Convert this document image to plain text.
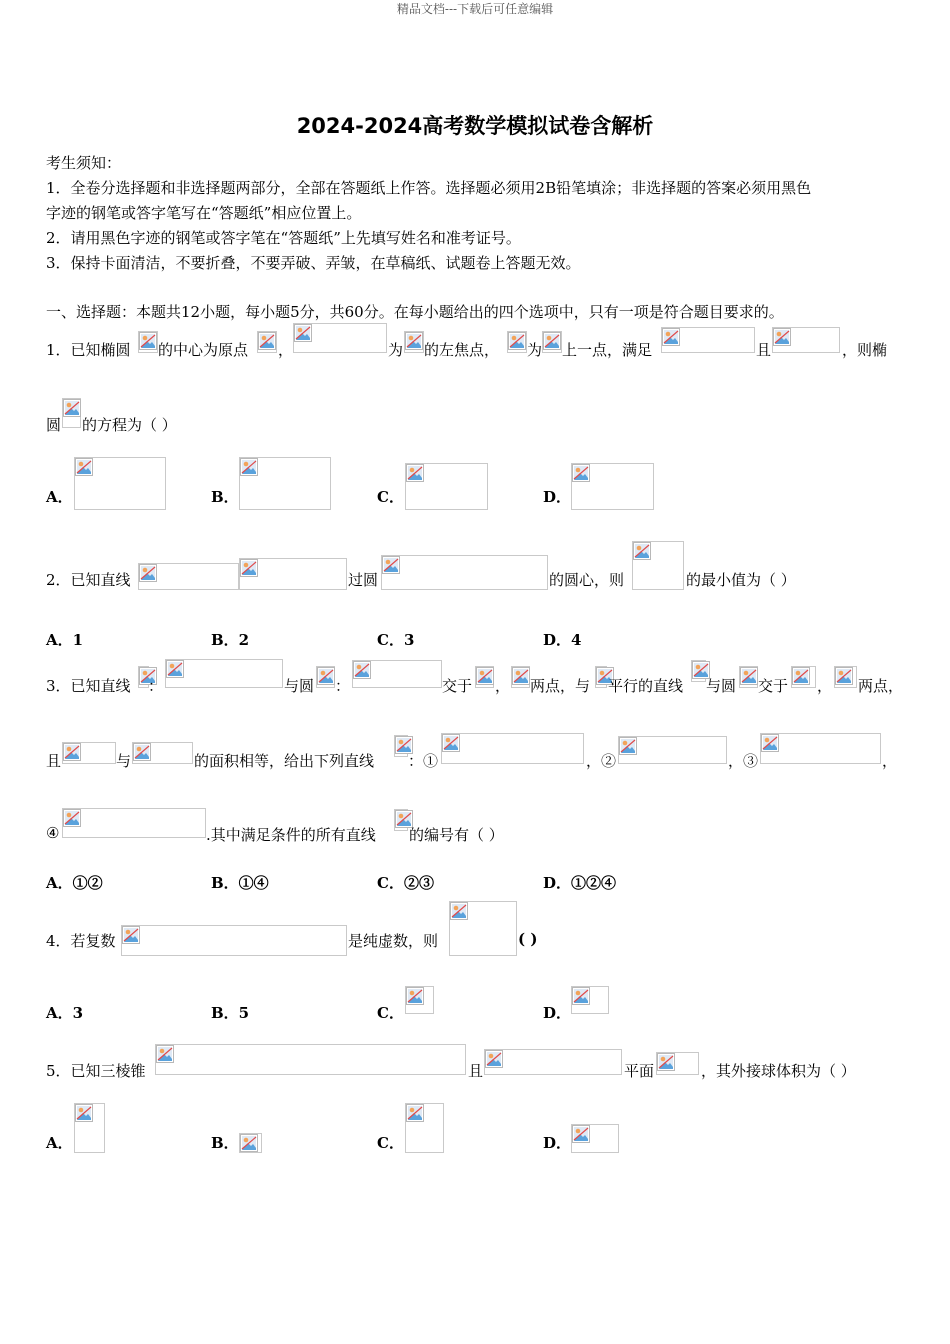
精品文档---下载后可任意编辑
2024-2024高考数学模拟试卷含解析
考生须知：
1．全卷分选择题和非选择题两部分，全部在答题纸上作答。选择题必须用2B铅笔填涂；非选择题的答案必须用黑色
字迹的钢笔或答字笔写在“答题纸”相应位置上。
2．请用黑色字迹的钢笔或答字笔在“答题纸”上先填写姓名和准考证号。
3．保持卡面清洁，不要折叠，不要弄破、弄皱，在草稿纸、试题卷上答题无效。
一、选择题：本题共12小题，每小题5分，共60分。在每小题给出的四个选项中，只有一项是符合题目要求的。
1．已知椭圆 的中心为原点 ，	为 的左焦点， 为 上一点，满足	且	，则椭
圆 的方程为（ ）
A．	B．	C．	D．
2．已知直线	过圆	的圆心，则	的最小值为（ ）
A．1	B．2	C．3	D．4
3．已知直线 ：	与圆 ：	交于 ， 两点，与 平行的直线 与圆 交于 ， 两点，
且	与	的面积相等，给出下列直线 ：①	，②	，③	，
④	.其中满足条件的所有直线 的编号有（ ）
A．①②	B．①④	C．②③	D．①②④
4．若复数	是纯虚数，则	( )
A．3	B．5	C．	D．
5．已知三棱锥	且	平面	，其外接球体积为（ ）
A．	B．	C．	D．
